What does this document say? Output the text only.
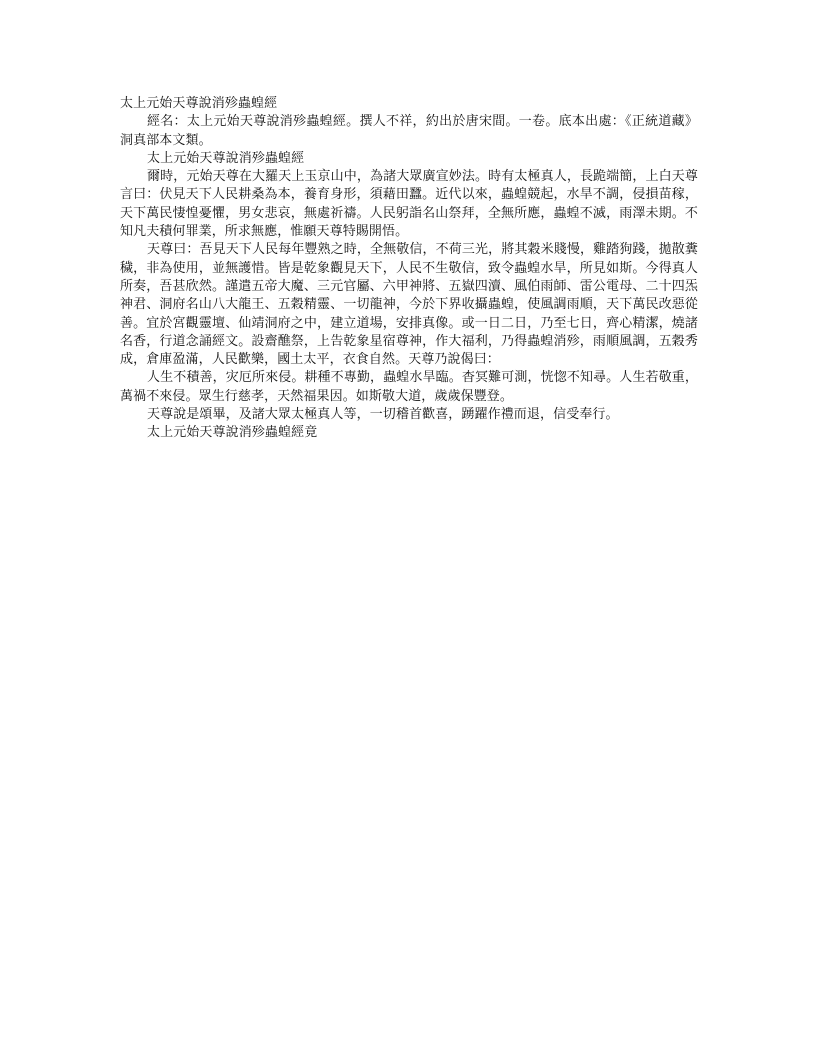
太上元始天尊說消殄蟲蝗經

經名：太上元始天尊說消殄蟲蝗經。撰人不祥，約出於唐宋間。一卷。底本出處：《正統道藏》洞真部本文類。

太上元始天尊說消殄蟲蝗經

爾時，元始天尊在大羅天上玉京山中，為諸大眾廣宣妙法。時有太極真人，長跪端簡，上白天尊言曰：伏見天下人民耕桑為本，養育身形，須藉田蠶。近代以來，蟲蝗競起，水旱不調，侵損苗稼，天下萬民悽惶憂懼，男女悲哀，無處祈禱。人民躬詣名山祭拜，全無所應，蟲蝗不滅，雨澤未期。不知凡夫積何罪業，所求無應，惟願天尊特賜開悟。

天尊曰：吾見天下人民每年豐熟之時，全無敬信，不荷三光，將其穀米賤慢，雞踏狗踐，拋散糞穢，非為使用，並無護惜。皆是乾象觀見天下，人民不生敬信，致令蟲蝗水旱，所見如斯。今得真人所奏，吾甚欣然。謹遣五帝大魔、三元官屬、六甲神將、五嶽四瀆、風伯雨師、雷公電母、二十四炁神君、洞府名山八大龍王、五穀精靈、一切龍神，今於下界收攝蟲蝗，使風調雨順，天下萬民改惡從善。宜於宮觀靈壇、仙靖洞府之中，建立道場，安排真像。或一日二日，乃至七日，齊心精潔，燒諸名香，行道念誦經文。設齋醮祭，上告乾象星宿尊神，作大福利，乃得蟲蝗消殄，雨順風調，五穀秀成，倉庫盈滿，人民歡樂，國土太平，衣食自然。天尊乃說偈曰：

人生不積善，灾厄所來侵。耕種不專勤，蟲蝗水旱臨。杳冥難可測，恍惚不知尋。人生若敬重，萬禍不來侵。眾生行慈孝，天然福果因。如斯敬大道，歲歲保豐登。

天尊說是頌畢，及諸大眾太極真人等，一切稽首歡喜，踴躍作禮而退，信受奉行。

太上元始天尊說消殄蟲蝗經竟
